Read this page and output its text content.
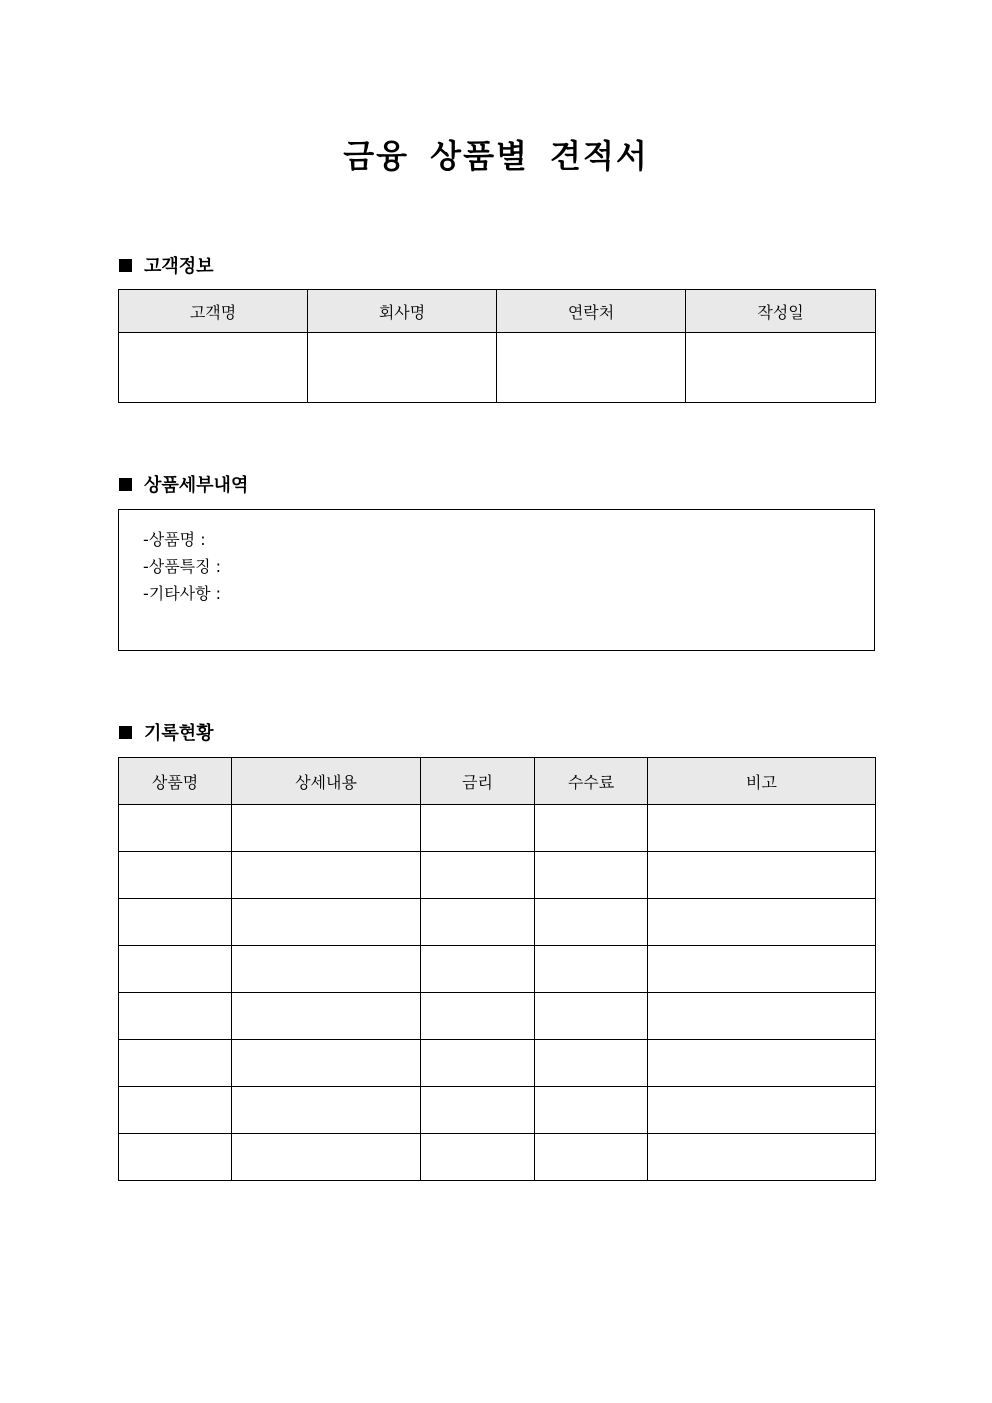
금융 상품별 견적서
고객정보
고객명	회사명	연락처	작성일

상품세부내역
-상품명 :
-상품특징 :
-기타사항 :
기록현황
상품명	상세내용	금리	수수료	비고
